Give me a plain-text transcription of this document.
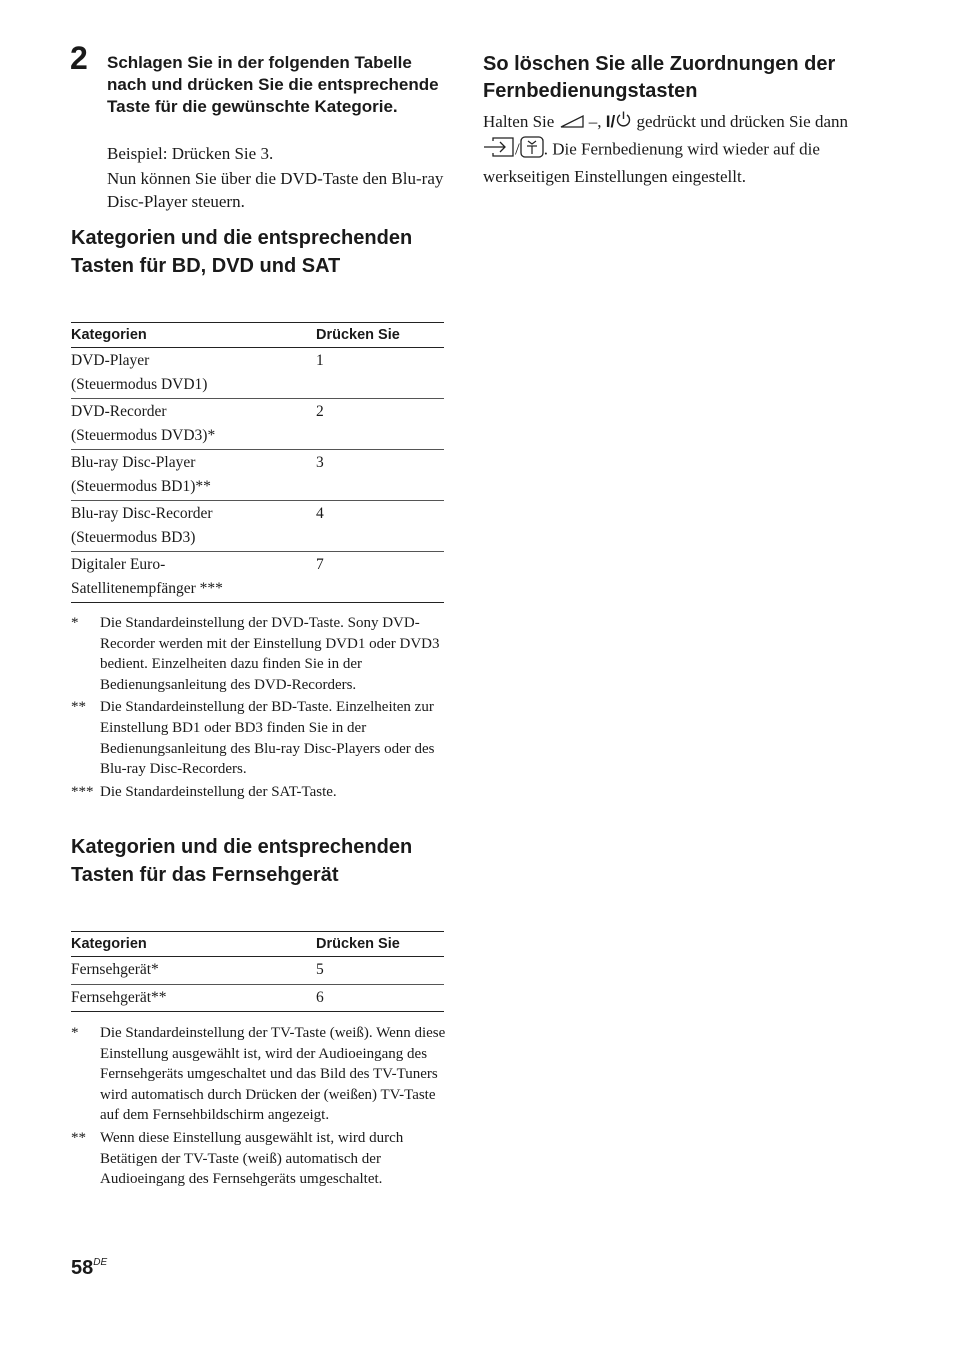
2 Schlagen Sie in der folgenden Tabelle nach und drücken Sie die entsprechende Taste für die gewünschte Kategorie.
Beispiel: Drücken Sie 3.
Nun können Sie über die DVD-Taste den Blu-ray Disc-Player steuern.
Kategorien und die entsprechenden Tasten für BD, DVD und SAT
Kategorien	Drücken Sie

DVD-Player
(Steuermodus DVD1)	1

DVD-Recorder
(Steuermodus DVD3)*	2

Blu-ray Disc-Player
(Steuermodus BD1)**	3

Blu-ray Disc-Recorder
(Steuermodus BD3)	4

Digitaler Euro-
Satellitenempfänger ***	7
*	Die Standardeinstellung der DVD-Taste. Sony DVD-Recorder werden mit der Einstellung DVD1 oder DVD3 bedient. Einzelheiten dazu finden Sie in der Bedienungsanleitung des DVD-Recorders.
** Die Standardeinstellung der BD-Taste. Einzelheiten zur Einstellung BD1 oder BD3 finden Sie in der Bedienungsanleitung des Blu-ray Disc-Players oder des Blu-ray Disc-Recorders.
*** Die Standardeinstellung der SAT-Taste.
Kategorien und die entsprechenden Tasten für das Fernsehgerät
Kategorien	Drücken Sie
Fernsehgerät*	5
Fernsehgerät**	6
*	Die Standardeinstellung der TV-Taste (weiß). Wenn diese Einstellung ausgewählt ist, wird der Audioeingang des Fernsehgeräts umgeschaltet und das Bild des TV-Tuners wird automatisch durch Drücken der (weißen) TV-Taste auf dem Fernsehbildschirm angezeigt.
** Wenn diese Einstellung ausgewählt ist, wird durch Betätigen der TV-Taste (weiß) automatisch der Audioeingang des Fernsehgeräts umgeschaltet.
So löschen Sie alle Zuordnungen der Fernbedienungstasten
Halten Sie –, I/ gedrückt und drücken Sie dann / . Die Fernbedienung wird wieder auf die werkseitigen Einstellungen eingestellt.
58DE
